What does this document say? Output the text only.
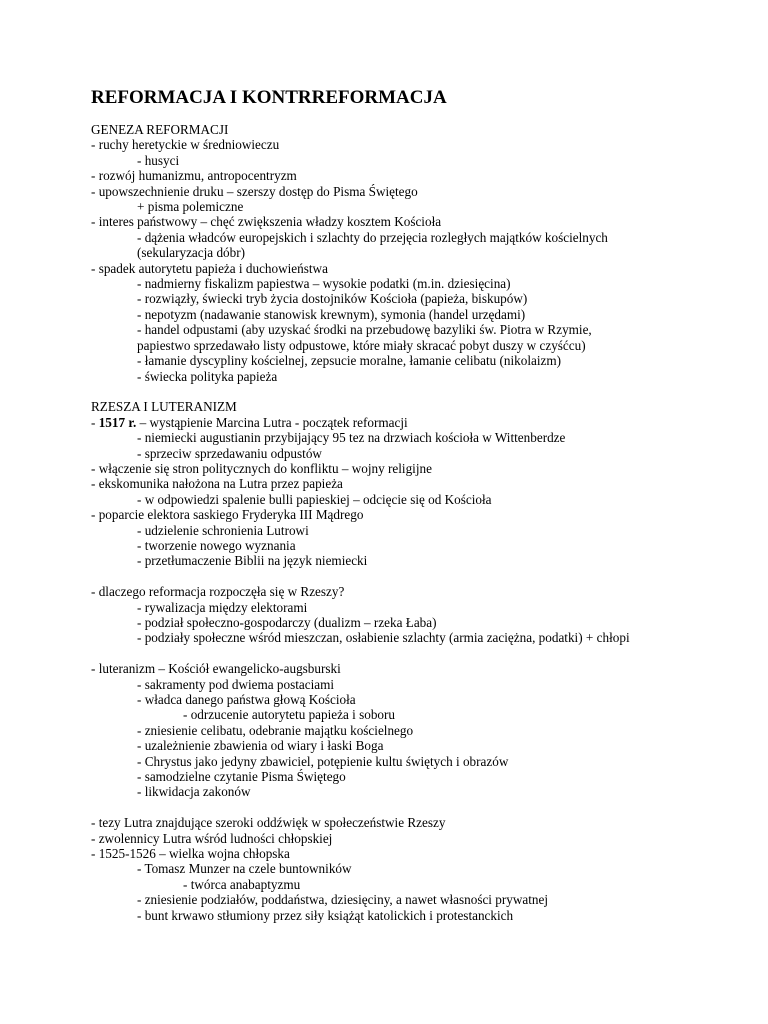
REFORMACJA I KONTRREFORMACJA
GENEZA REFORMACJI
- ruchy heretyckie w średniowieczu
- husyci
- rozwój humanizmu, antropocentryzm
- upowszechnienie druku – szerszy dostęp do Pisma Świętego
+ pisma polemiczne
- interes państwowy – chęć zwiększenia władzy kosztem Kościoła
- dążenia władców europejskich i szlachty do przejęcia rozległych majątków kościelnych
(sekularyzacja dóbr)
- spadek autorytetu papieża i duchowieństwa
- nadmierny fiskalizm papiestwa – wysokie podatki (m.in. dziesięcina)
- rozwiązły, świecki tryb życia dostojników Kościoła (papieża, biskupów)
- nepotyzm (nadawanie stanowisk krewnym), symonia (handel urzędami)
- handel odpustami (aby uzyskać środki na przebudowę bazyliki św. Piotra w Rzymie,
papiestwo sprzedawało listy odpustowe, które miały skracać pobyt duszy w czyśćcu)
- łamanie dyscypliny kościelnej, zepsucie moralne, łamanie celibatu (nikolaizm)
- świecka polityka papieża
RZESZA I LUTERANIZM
- 1517 r. – wystąpienie Marcina Lutra - początek reformacji
- niemiecki augustianin przybijający 95 tez na drzwiach kościoła w Wittenberdze
- sprzeciw sprzedawaniu odpustów
- włączenie się stron politycznych do konfliktu – wojny religijne
- ekskomunika nałożona na Lutra przez papieża
- w odpowiedzi spalenie bulli papieskiej – odcięcie się od Kościoła
- poparcie elektora saskiego Fryderyka III Mądrego
- udzielenie schronienia Lutrowi
- tworzenie nowego wyznania
- przetłumaczenie Biblii na język niemiecki
- dlaczego reformacja rozpoczęła się w Rzeszy?
- rywalizacja między elektorami
- podział społeczno-gospodarczy (dualizm – rzeka Łaba)
- podziały społeczne wśród mieszczan, osłabienie szlachty (armia zaciężna, podatki) + chłopi
- luteranizm – Kościół ewangelicko-augsburski
- sakramenty pod dwiema postaciami
- władca danego państwa głową Kościoła
- odrzucenie autorytetu papieża i soboru
- zniesienie celibatu, odebranie majątku kościelnego
- uzależnienie zbawienia od wiary i łaski Boga
- Chrystus jako jedyny zbawiciel, potępienie kultu świętych i obrazów
- samodzielne czytanie Pisma Świętego
- likwidacja zakonów
- tezy Lutra znajdujące szeroki oddźwięk w społeczeństwie Rzeszy
- zwolennicy Lutra wśród ludności chłopskiej
- 1525-1526 – wielka wojna chłopska
- Tomasz Munzer na czele buntowników
- twórca anabaptyzmu
- zniesienie podziałów, poddaństwa, dziesięciny, a nawet własności prywatnej
- bunt krwawo stłumiony przez siły książąt katolickich i protestanckich
